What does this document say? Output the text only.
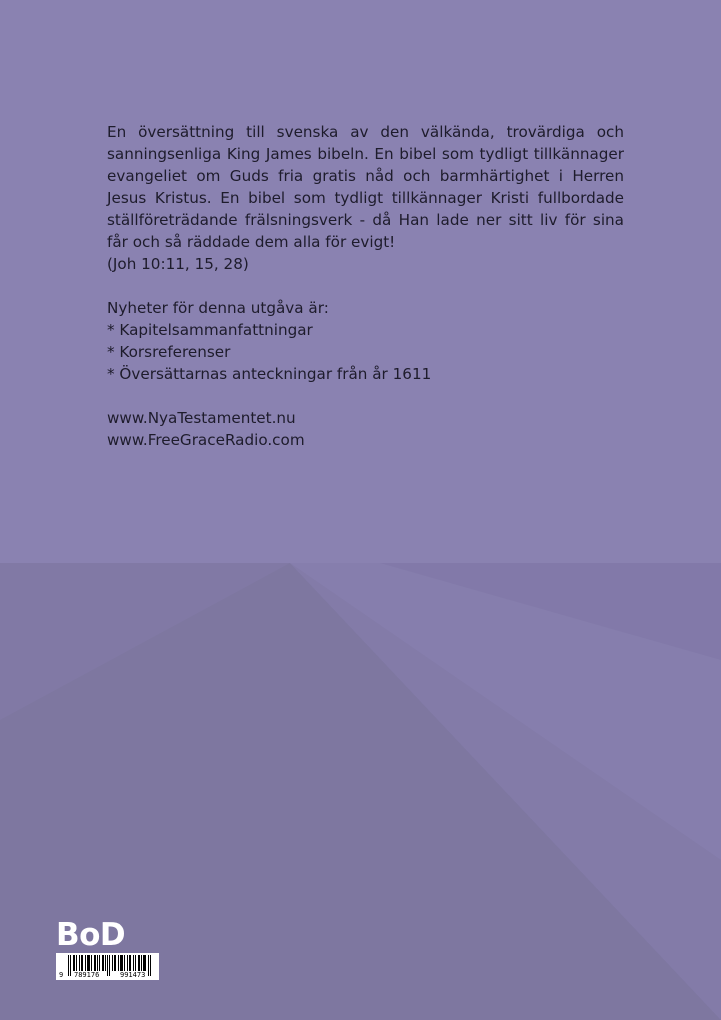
En översättning till svenska av den välkända, trovärdiga och sanningsenliga King James bibeln. En bibel som tydligt tillkännager evangeliet om Guds fria gratis nåd och barmhärtighet i Herren Jesus Kristus. En bibel som tydligt tillkännager Kristi fullbordade ställföreträdande frälsningsverk - då Han lade ner sitt liv för sina får och så räddade dem alla för evigt!

(Joh 10:11, 15, 28)

Nyheter för denna utgåva är:

* Kapitelsammanfattningar

* Korsreferenser

* Översättarnas anteckningar från år 1611

www.NyaTestamentet.nu

www.FreeGraceRadio.com

BoD
9 789176	991473
